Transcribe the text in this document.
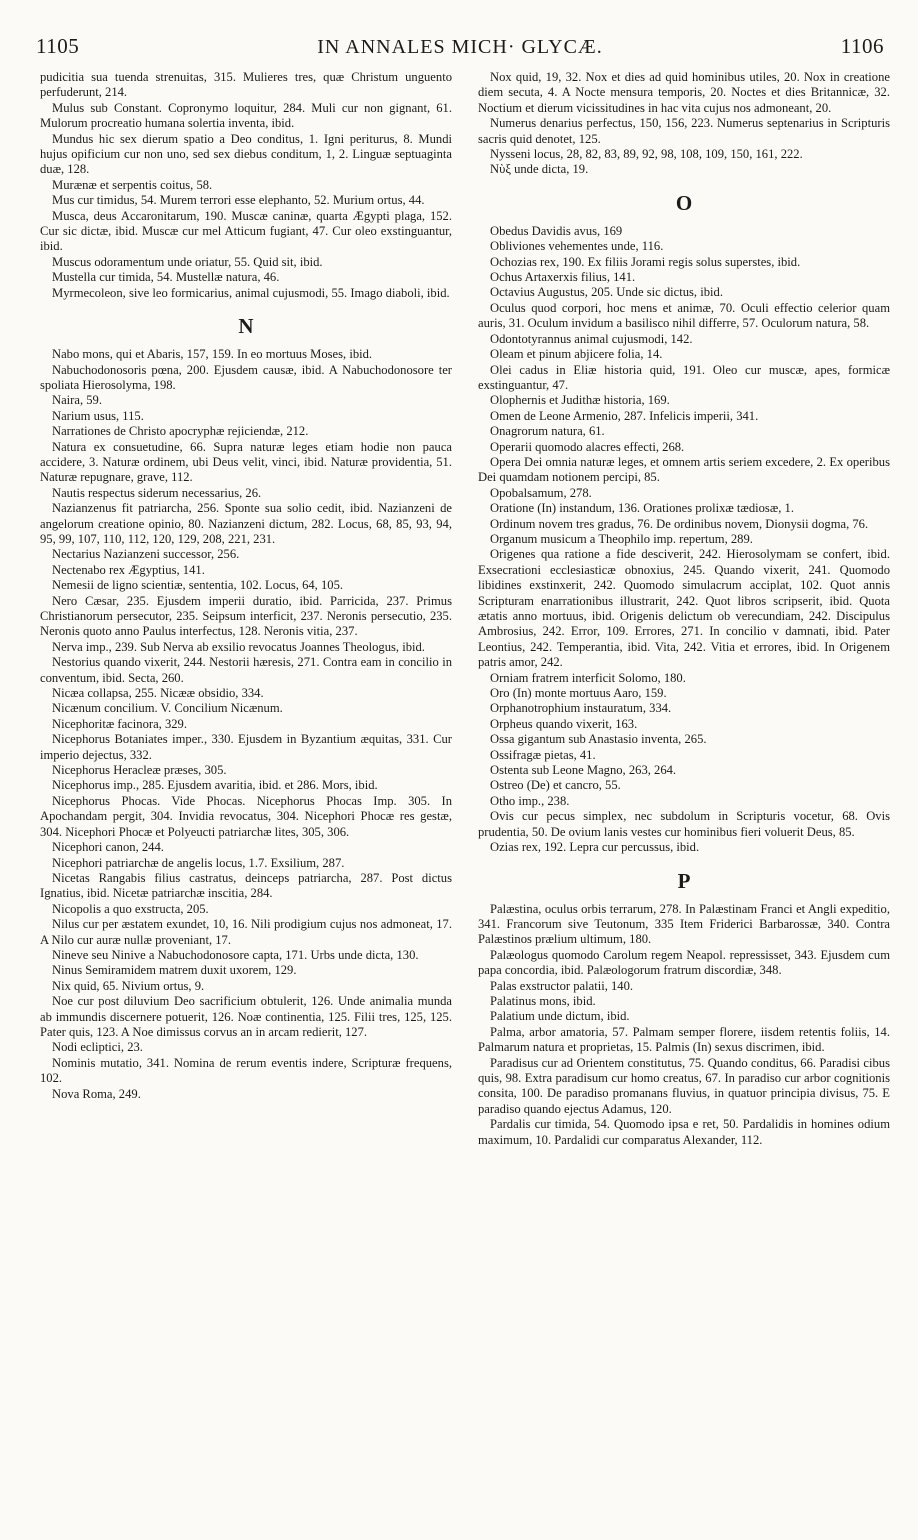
1105	IN ANNALES MICH· GLYCÆ.	1106

pudicitia sua tuenda strenuitas, 315. Mulieres tres, quæ Christum unguento perfuderunt, 214.

Mulus sub Constant. Copronymo loquitur, 284. Muli cur non gignant, 61. Mulorum procreatio humana solertia inventa, ibid.

Mundus hic sex dierum spatio a Deo conditus, 1. Igni periturus, 8. Mundi hujus opificium cur non uno, sed sex diebus conditum, 1, 2. Linguæ septuaginta duæ, 128.

Murænæ et serpentis coitus, 58.

Mus cur timidus, 54. Murem terrori esse elephanto, 52. Murium ortus, 44.

Musca, deus Accaronitarum, 190. Muscæ caninæ, quarta Ægypti plaga, 152. Cur sic dictæ, ibid. Muscæ cur mel Atticum fugiant, 47. Cur oleo exstinguantur, ibid.

Muscus odoramentum unde oriatur, 55. Quid sit, ibid.

Mustella cur timida, 54. Mustellæ natura, 46.

Myrmecoleon, sive leo formicarius, animal cujusmodi, 55. Imago diaboli, ibid.

N

Nabo mons, qui et Abaris, 157, 159. In eo mortuus Moses, ibid.

Nabuchodonosoris pœna, 200. Ejusdem causæ, ibid. A Nabuchodonosore ter spoliata Hierosolyma, 198.

Naira, 59.

Narium usus, 115.

Narrationes de Christo apocryphæ rejiciendæ, 212.

Natura ex consuetudine, 66. Supra naturæ leges etiam hodie non pauca accidere, 3. Naturæ ordinem, ubi Deus velit, vinci, ibid. Naturæ providentia, 51. Naturæ repugnare, grave, 112.

Nautis respectus siderum necessarius, 26.

Nazianzenus fit patriarcha, 256. Sponte sua solio cedit, ibid. Nazianzeni de angelorum creatione opinio, 80. Nazianzeni dictum, 282. Locus, 68, 85, 93, 94, 95, 99, 107, 110, 112, 120, 129, 208, 221, 231.

Nectarius Nazianzeni successor, 256.

Nectenabo rex Ægyptius, 141.

Nemesii de ligno scientiæ, sententia, 102. Locus, 64, 105.

Nero Cæsar, 235. Ejusdem imperii duratio, ibid. Parricida, 237. Primus Christianorum persecutor, 235. Seipsum interficit, 237. Neronis persecutio, 235. Neronis quoto anno Paulus interfectus, 128. Neronis vitia, 237.

Nerva imp., 239. Sub Nerva ab exsilio revocatus Joannes Theologus, ibid.

Nestorius quando vixerit, 244. Nestorii hæresis, 271. Contra eam in concilio in conventum, ibid. Secta, 260.

Nicæa collapsa, 255. Nicææ obsidio, 334.

Nicænum concilium. V. Concilium Nicænum.

Nicephoritæ facinora, 329.

Nicephorus Botaniates imper., 330. Ejusdem in Byzantium æquitas, 331. Cur imperio dejectus, 332.

Nicephorus Heracleæ præses, 305.

Nicephorus imp., 285. Ejusdem avaritia, ibid. et 286. Mors, ibid.

Nicephorus Phocas. Vide Phocas. Nicephorus Phocas Imp. 305. In Apochandam pergit, 304. Invidia revocatus, 304. Nicephori Phocæ res gestæ, 304. Nicephori Phocæ et Polyeucti patriarchæ lites, 305, 306.

Nicephori canon, 244.

Nicephori patriarchæ de angelis locus, 1.7. Exsilium, 287.

Nicetas Rangabis filius castratus, deinceps patriarcha, 287. Post dictus Ignatius, ibid. Nicetæ patriarchæ inscitia, 284.

Nicopolis a quo exstructa, 205.

Nilus cur per æstatem exundet, 10, 16. Nili prodigium cujus nos admoneat, 17. A Nilo cur auræ nullæ proveniant, 17.

Nineve seu Ninive a Nabuchodonosore capta, 171. Urbs unde dicta, 130.

Ninus Semiramidem matrem duxit uxorem, 129.

Nix quid, 65. Nivium ortus, 9.

Noe cur post diluvium Deo sacrificium obtulerit, 126. Unde animalia munda ab immundis discernere potuerit, 126. Noæ continentia, 125. Filii tres, 125, 125. Pater quis, 123. A Noe dimissus corvus an in arcam redierit, 127.

Nodi ecliptici, 23.

Nominis mutatio, 341. Nomina de rerum eventis indere, Scripturæ frequens, 102.

Nova Roma, 249.

Nox quid, 19, 32. Nox et dies ad quid hominibus utiles, 20. Nox in creatione diem secuta, 4. A Nocte mensura temporis, 20. Noctes et dies Britannicæ, 32. Noctium et dierum vicissitudines in hac vita cujus nos admoneant, 20.

Numerus denarius perfectus, 150, 156, 223. Numerus septenarius in Scripturis sacris quid denotet, 125.

Nysseni locus, 28, 82, 83, 89, 92, 98, 108, 109, 150, 161, 222.

Nὺξ unde dicta, 19.

O

Obedus Davidis avus, 169

Obliviones vehementes unde, 116.

Ochozias rex, 190. Ex filiis Jorami regis solus superstes, ibid.

Ochus Artaxerxis filius, 141.

Octavius Augustus, 205. Unde sic dictus, ibid.

Oculus quod corpori, hoc mens et animæ, 70. Oculi effectio celerior quam auris, 31. Oculum invidum a basilisco nihil differre, 57. Oculorum natura, 58.

Odontotyrannus animal cujusmodi, 142.

Oleam et pinum abjicere folia, 14.

Olei cadus in Eliæ historia quid, 191. Oleo cur muscæ, apes, formicæ exstinguantur, 47.

Olophernis et Judithæ historia, 169.

Omen de Leone Armenio, 287. Infelicis imperii, 341.

Onagrorum natura, 61.

Operarii quomodo alacres effecti, 268.

Opera Dei omnia naturæ leges, et omnem artis seriem excedere, 2. Ex operibus Dei quamdam notionem percipi, 85.

Opobalsamum, 278.

Oratione (In) instandum, 136. Orationes prolixæ tædiosæ, 1.

Ordinum novem tres gradus, 76. De ordinibus novem, Dionysii dogma, 76.

Organum musicum a Theophilo imp. repertum, 289.

Origenes qua ratione a fide desciverit, 242. Hierosolymam se confert, ibid. Exsecrationi ecclesiasticæ obnoxius, 245. Quando vixerit, 241. Quomodo libidines exstinxerit, 242. Quomodo simulacrum acciplat, 102. Quot annis Scripturam enarrationibus illustrarit, 242. Quot libros scripserit, ibid. Quota ætatis anno mortuus, ibid. Origenis delictum ob verecundiam, 242. Discipulus Ambrosius, 242. Error, 109. Errores, 271. In concilio v damnati, ibid. Pater Leontius, 242. Temperantia, ibid. Vita, 242. Vitia et errores, ibid. In Origenem patris amor, 242.

Orniam fratrem interficit Solomo, 180.

Oro (In) monte mortuus Aaro, 159.

Orphanotrophium instauratum, 334.

Orpheus quando vixerit, 163.

Ossa gigantum sub Anastasio inventa, 265.

Ossifragæ pietas, 41.

Ostenta sub Leone Magno, 263, 264.

Ostreo (De) et cancro, 55.

Otho imp., 238.

Ovis cur pecus simplex, nec subdolum in Scripturis vocetur, 68. Ovis prudentia, 50. De ovium lanis vestes cur hominibus fieri voluerit Deus, 85.

Ozias rex, 192. Lepra cur percussus, ibid.

P

Palæstina, oculus orbis terrarum, 278. In Palæstinam Franci et Angli expeditio, 341. Francorum sive Teutonum, 335 Item Friderici Barbarossæ, 340. Contra Palæstinos prælium ultimum, 180.

Palæologus quomodo Carolum regem Neapol. repressisset, 343. Ejusdem cum papa concordia, ibid. Palæologorum fratrum discordiæ, 348.

Palas exstructor palatii, 140.

Palatinus mons, ibid.

Palatium unde dictum, ibid.

Palma, arbor amatoria, 57. Palmam semper florere, iisdem retentis foliis, 14. Palmarum natura et proprietas, 15. Palmis (In) sexus discrimen, ibid.

Paradisus cur ad Orientem constitutus, 75. Quando conditus, 66. Paradisi cibus quis, 98. Extra paradisum cur homo creatus, 67. In paradiso cur arbor cognitionis consita, 100. De paradiso promanans fluvius, in quatuor principia divisus, 75. E paradiso quando ejectus Adamus, 120.

Pardalis cur timida, 54. Quomodo ipsa e ret, 50. Pardalidis in homines odium maximum, 10. Pardalidi cur comparatus Alexander, 112.
